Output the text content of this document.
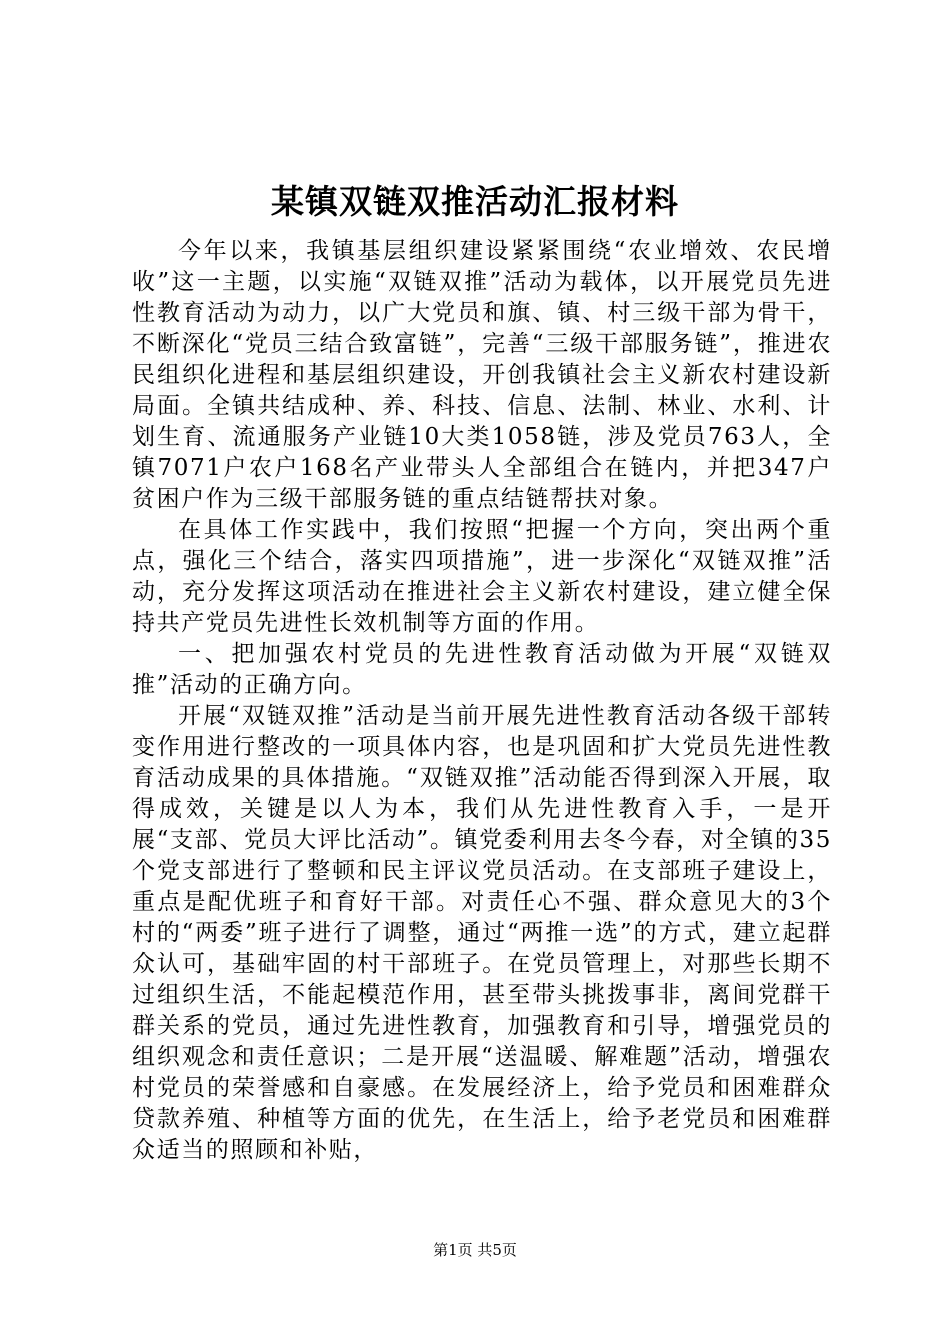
某镇双链双推活动汇报材料

今年以来，我镇基层组织建设紧紧围绕“农业增效、农民增收”这一主题，以实施“双链双推”活动为载体，以开展党员先进性教育活动为动力，以广大党员和旗、镇、村三级干部为骨干，不断深化“党员三结合致富链”，完善“三级干部服务链”，推进农民组织化进程和基层组织建设，开创我镇社会主义新农村建设新局面。全镇共结成种、养、科技、信息、法制、林业、水利、计划生育、流通服务产业链10大类1058链，涉及党员763人，全镇7071户农户168名产业带头人全部组合在链内，并把347户贫困户作为三级干部服务链的重点结链帮扶对象。

在具体工作实践中，我们按照“把握一个方向，突出两个重点，强化三个结合，落实四项措施”，进一步深化“双链双推”活动，充分发挥这项活动在推进社会主义新农村建设，建立健全保持共产党员先进性长效机制等方面的作用。

一、把加强农村党员的先进性教育活动做为开展“双链双推”活动的正确方向。

开展“双链双推”活动是当前开展先进性教育活动各级干部转变作用进行整改的一项具体内容，也是巩固和扩大党员先进性教育活动成果的具体措施。“双链双推”活动能否得到深入开展，取得成效，关键是以人为本，我们从先进性教育入手，一是开展“支部、党员大评比活动”。镇党委利用去冬今春，对全镇的35个党支部进行了整顿和民主评议党员活动。在支部班子建设上，重点是配优班子和育好干部。对责任心不强、群众意见大的3个村的“两委”班子进行了调整，通过“两推一选”的方式，建立起群众认可，基础牢固的村干部班子。在党员管理上，对那些长期不过组织生活，不能起模范作用，甚至带头挑拨事非，离间党群干群关系的党员，通过先进性教育，加强教育和引导，增强党员的组织观念和责任意识；二是开展“送温暖、解难题”活动，增强农村党员的荣誉感和自豪感。在发展经济上，给予党员和困难群众贷款养殖、种植等方面的优先，在生活上，给予老党员和困难群众适当的照顾和补贴，

第1页 共5页
